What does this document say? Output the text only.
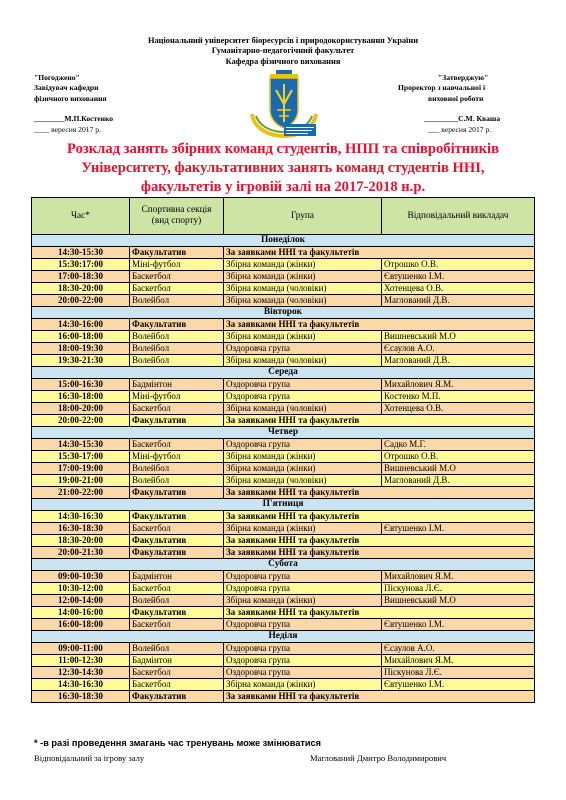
Національний університет біоресурсів і природокористування України
Гуманітарно-педагогічний факультет
Кафедра фізичного виховання
"Погоджено"
Завідувач кафедри
фізичного виховання
________М.П.Костенко
____ вересня 2017 р.
"Затверджую"
Проректор з навчальної і
виховної роботи
_________С.М. Кваша
___ вересня 2017 р.
Розклад занять збірних команд студентів, НПП та співробітників
Університету, факультативних занять команд студентів ННІ,
факультетів у ігровій залі на 2017-2018 н.р.
Час*	Спортивна секція (вид спорту)	Група	Відповідальний викладач
Понеділок			
14:30-15:30	Факультатив	За заявками ННІ та факультетів	
15:30:17:00	Міні-футбол	Збірна команда (жінки)	Отрошко О.В.
17:00-18:30	Баскетбол	Збірна команда (жінки)	Євтушенко І.М.
18:30-20:00	Баскетбол	Збірна команда (чоловіки)	Хотенцева О.В.
20:00-22:00	Волейбол	Збірна команда (чоловіки)	Маглований Д.В.
Вівторок			
14:30-16:00	Факультатив	За заявками ННІ та факультетів	
16:00-18:00	Волейбол	Збірна команда (жінки)	Вишневський М.О
18:00-19:30	Волейбол	Оздоровча група	Єсаулов А.О.
19:30-21:30	Волейбол	Збірна команда (чоловіки)	Маглований Д.В.
Середа			
15:00-16:30	Бадмінтон	Оздоровча група	Михайлович Я.М.
16:30-18:00	Міні-футбол	Оздоровча група	Костенко М.П.
18:00-20:00	Баскетбол	Збірна команда (чоловіки)	Хотенцева О.В.
20:00-22:00	Факультатив	За заявками ННІ та факультетів	
Четвер			
14:30-15:30	Баскетбол	Оздоровча група	Садко М.Г.
15:30-17:00	Міні-футбол	Збірна команда (жінки)	Отрошко О.В.
17:00-19:00	Волейбол	Збірна команда (жінки)	Вишневський М.О
19:00-21:00	Волейбол	Збірна команда (чоловіки)	Маглований Д.В.
21:00-22:00	Факультатив	За заявками ННІ та факультетів	
П'ятниця			
14:30-16:30	Факультатив	За заявками ННІ та факультетів	
16:30-18:30	Баскетбол	Збірна команда (жінки)	Євтушенко І.М.
18:30-20:00	Факультатив	За заявками ННІ та факультетів	
20:00-21:30	Факультатив	За заявками ННІ та факультетів	
Субота			
09:00-10:30	Бадмінтон	Оздоровча група	Михайлович Я.М.
10:30-12:00	Баскетбол	Оздоровча група	Піскунова Л.Є.
12:00-14:00	Волейбол	Збірна команда (жінки)	Вишневський М.О
14:00-16:00	Факультатив	За заявками ННІ та факультетів	
16:00-18:00	Баскетбол	Оздоровча група	Євтушенко І.М.
Неділя			
09:00-11:00	Волейбол	Оздоровча група	Єсаулов А.О.
11:00-12:30	Бадмінтон	Оздоровча група	Михайлович Я.М.
12:30-14:30	Баскетбол	Оздоровча група	Піскунова Л.Є.
14:30-16:30	Баскетбол	Збірна команда (жінки)	Євтушенко І.М.
16:30-18:30	Факультатив	За заявками ННІ та факультетів	
* -в разі проведення змагань час тренувань може змінюватися
Відповідальний за ігрову залу	Маглований Дмитро Володимирович
